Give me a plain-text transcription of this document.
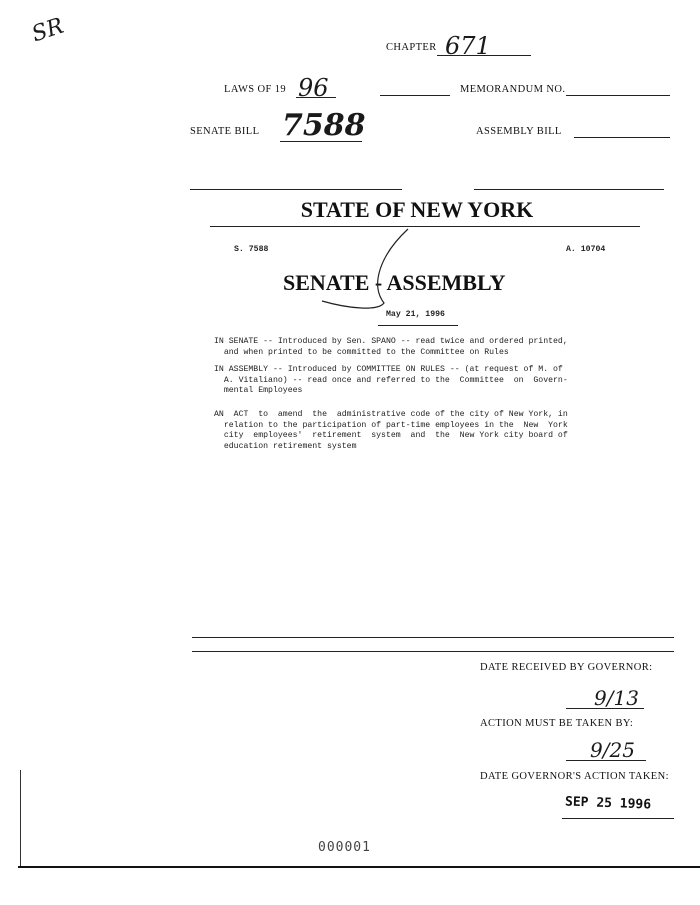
SR
CHAPTER 671
LAWS OF 19 96	MEMORANDUM NO.
SENATE BILL 7588	ASSEMBLY BILL
STATE OF NEW YORK
S. 7588	A. 10704
SENATE - ASSEMBLY
May 21, 1996
IN SENATE -- Introduced by Sen. SPANO -- read twice and ordered printed,
and when printed to be committed to the Committee on Rules
IN ASSEMBLY -- Introduced by COMMITTEE ON RULES -- (at request of M. of
A. Vitaliano) -- read once and referred to the  Committee  on  Govern-
mental Employees
AN  ACT  to  amend  the  administrative code of the city of New York, in
relation to the participation of part-time employees in the  New  York
city  employees'  retirement  system  and  the  New York city board of
education retirement system
DATE RECEIVED BY GOVERNOR:
9/13
ACTION MUST BE TAKEN BY:
9/25
DATE GOVERNOR'S ACTION TAKEN:
SEP 25 1996
000001
